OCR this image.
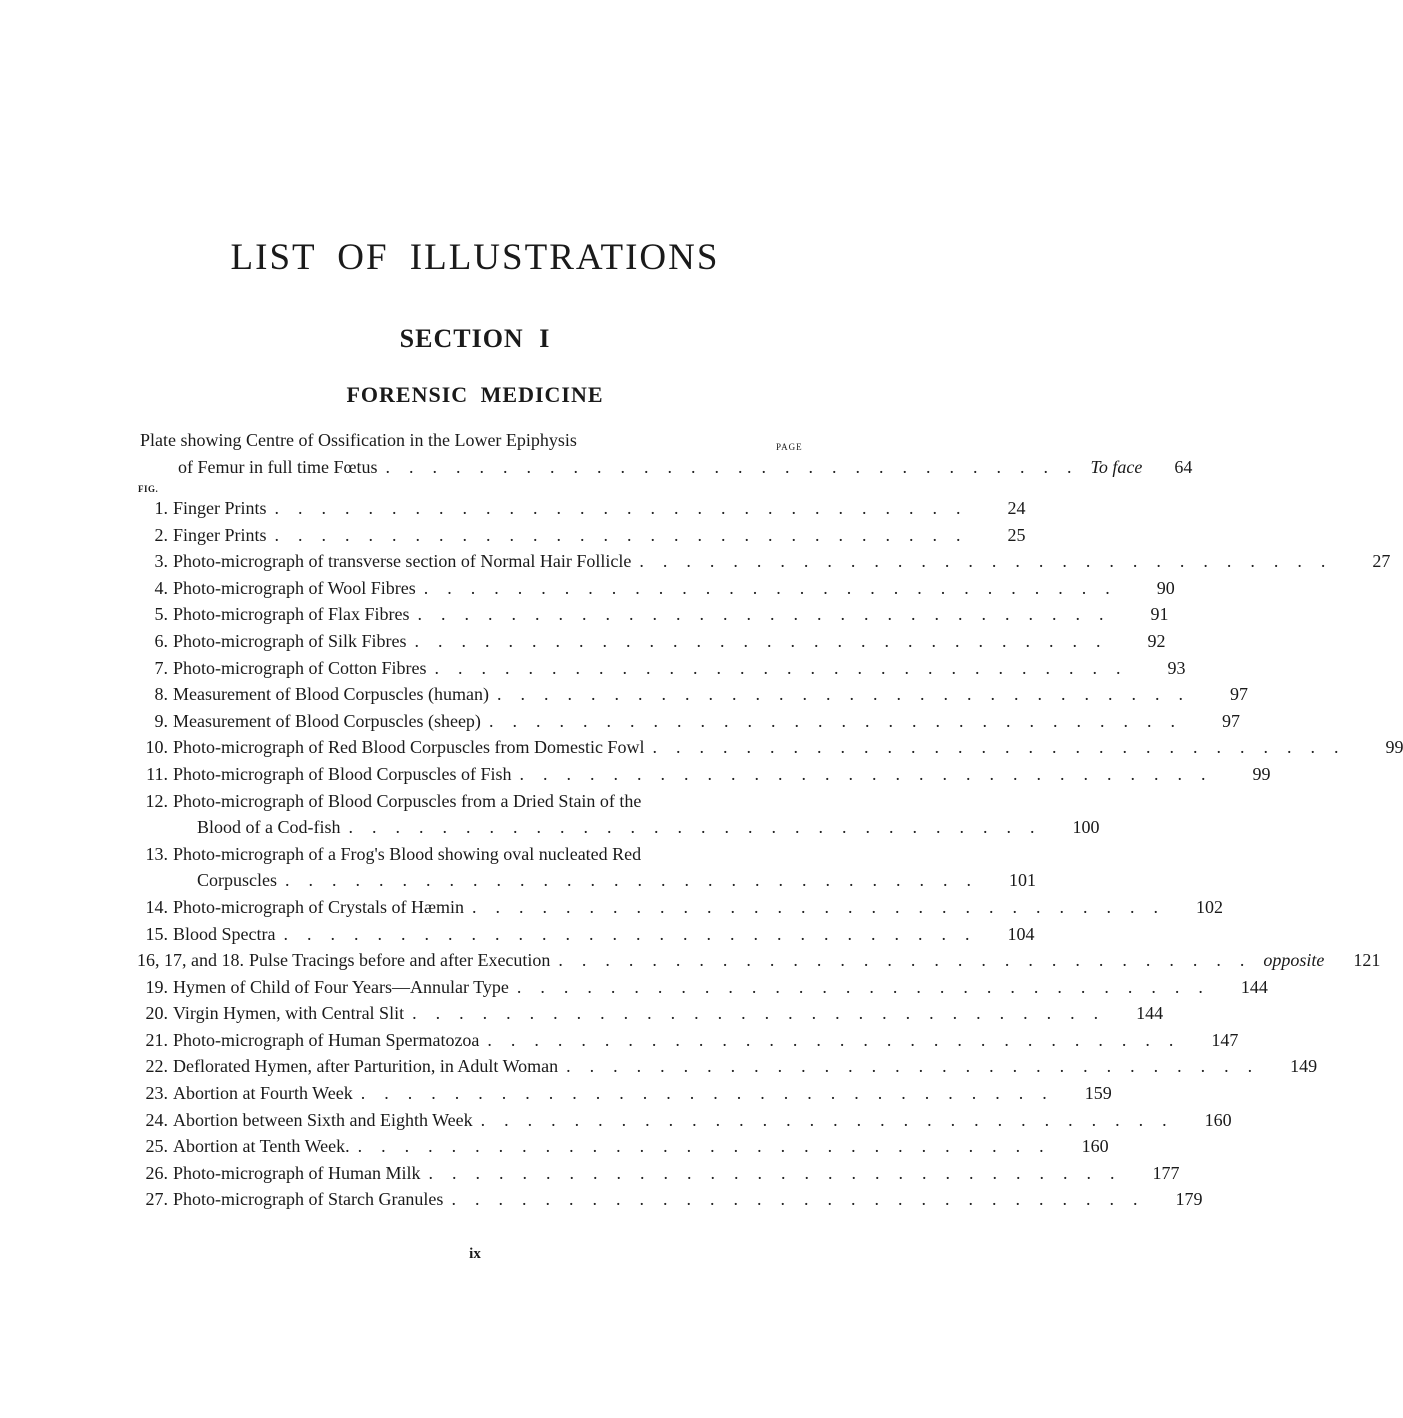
LIST OF ILLUSTRATIONS
SECTION I
FORENSIC MEDICINE
PAGE
Plate showing Centre of Ossification in the Lower Epiphysis
of Femur in full time Fœtus .............................. To face	64
FIG.
1. Finger Prints ..............................	24
2. Finger Prints ..............................	25
3. Photo-micrograph of transverse section of Normal Hair Follicle ..............................	27
4. Photo-micrograph of Wool Fibres ..............................	90
5. Photo-micrograph of Flax Fibres ..............................	91
6. Photo-micrograph of Silk Fibres ..............................	92
7. Photo-micrograph of Cotton Fibres ..............................	93
8. Measurement of Blood Corpuscles (human) ..............................	97
9. Measurement of Blood Corpuscles (sheep) ..............................	97
10. Photo-micrograph of Red Blood Corpuscles from Domestic Fowl ..............................	99
11. Photo-micrograph of Blood Corpuscles of Fish ..............................	99
12. Photo-micrograph of Blood Corpuscles from a Dried Stain of the
Blood of a Cod-fish ..............................	100
13. Photo-micrograph of a Frog's Blood showing oval nucleated Red
Corpuscles ..............................	101
14. Photo-micrograph of Crystals of Hæmin ..............................	102
15. Blood Spectra ..............................	104
16, 17, and 18. Pulse Tracings before and after Execution .............................. opposite	121
19. Hymen of Child of Four Years—Annular Type ..............................	144
20. Virgin Hymen, with Central Slit ..............................	144
21. Photo-micrograph of Human Spermatozoa ..............................	147
22. Deflorated Hymen, after Parturition, in Adult Woman ..............................	149
23. Abortion at Fourth Week ..............................	159
24. Abortion between Sixth and Eighth Week ..............................	160
25. Abortion at Tenth Week. ..............................	160
26. Photo-micrograph of Human Milk ..............................	177
27. Photo-micrograph of Starch Granules ..............................	179
ix
